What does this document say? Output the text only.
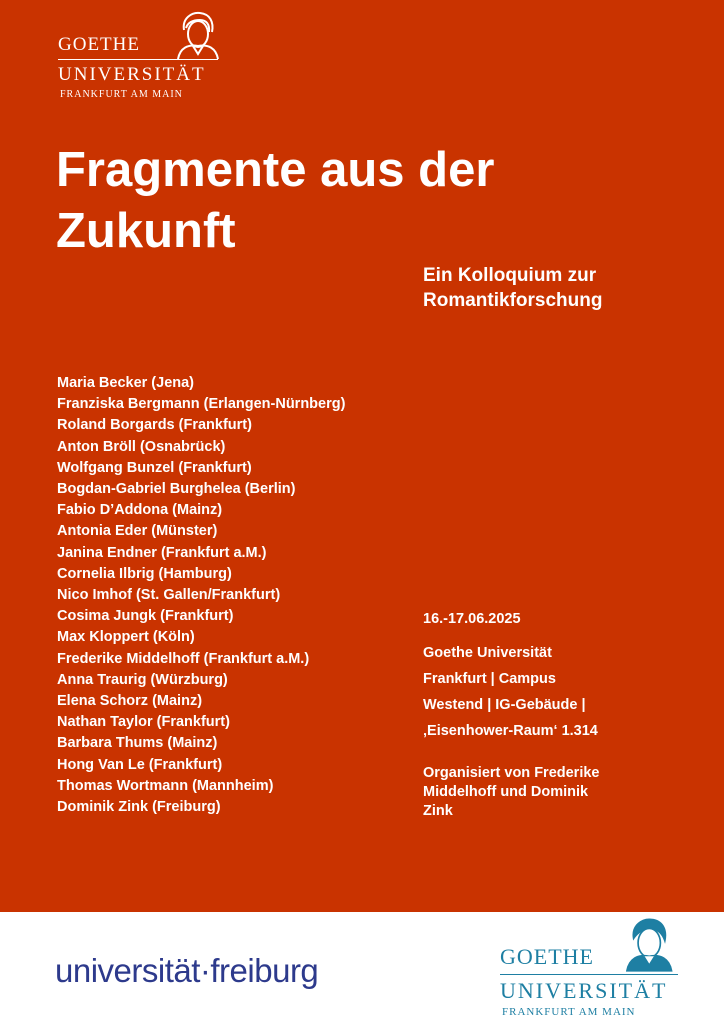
GOETHE
UNIVERSITÄT
FRANKFURT AM MAIN
Fragmente aus der
Zukunft
Ein Kolloquium zur
Romantikforschung
Maria Becker (Jena)
Franziska Bergmann (Erlangen-Nürnberg)
Roland Borgards (Frankfurt)
Anton Bröll (Osnabrück)
Wolfgang Bunzel (Frankfurt)
Bogdan-Gabriel Burghelea (Berlin)
Fabio D’Addona (Mainz)
Antonia Eder (Münster)
Janina Endner (Frankfurt a.M.)
Cornelia Ilbrig (Hamburg)
Nico Imhof (St. Gallen/Frankfurt)
Cosima Jungk (Frankfurt)
Max Kloppert (Köln)
Frederike Middelhoff (Frankfurt a.M.)
Anna Traurig (Würzburg)
Elena Schorz (Mainz)
Nathan Taylor (Frankfurt)
Barbara Thums (Mainz)
Hong Van Le (Frankfurt)
Thomas Wortmann (Mannheim)
Dominik Zink (Freiburg)
16.-17.06.2025
Goethe Universität
Frankfurt | Campus
Westend | IG-Gebäude |
‚Eisenhower-Raum‘ 1.314
Organisiert von Frederike
Middelhoff und Dominik
Zink
universität·freiburg	GOETHE
UNIVERSITÄT
FRANKFURT AM MAIN
